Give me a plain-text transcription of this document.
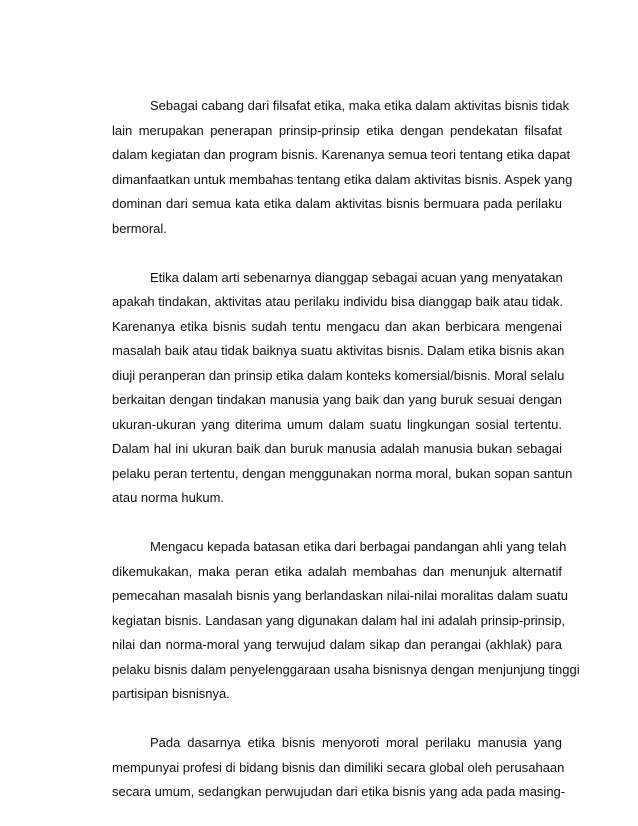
Sebagai cabang dari filsafat etika, maka etika dalam aktivitas bisnis tidak
lain merupakan penerapan prinsip-prinsip etika dengan pendekatan filsafat
dalam kegiatan dan program bisnis. Karenanya semua teori tentang etika dapat
dimanfaatkan untuk membahas tentang etika dalam aktivitas bisnis. Aspek yang
dominan dari semua kata etika dalam aktivitas bisnis bermuara pada perilaku
bermoral.

Etika dalam arti sebenarnya dianggap sebagai acuan yang menyatakan
apakah tindakan, aktivitas atau perilaku individu bisa dianggap baik atau tidak.
Karenanya etika bisnis sudah tentu mengacu dan akan berbicara mengenai
masalah baik atau tidak baiknya suatu aktivitas bisnis. Dalam etika bisnis akan
diuji peranperan dan prinsip etika dalam konteks komersial/bisnis. Moral selalu
berkaitan dengan tindakan manusia yang baik dan yang buruk sesuai dengan
ukuran-ukuran yang diterima umum dalam suatu lingkungan sosial tertentu.
Dalam hal ini ukuran baik dan buruk manusia adalah manusia bukan sebagai
pelaku peran tertentu, dengan menggunakan norma moral, bukan sopan santun
atau norma hukum.

Mengacu kepada batasan etika dari berbagai pandangan ahli yang telah
dikemukakan, maka peran etika adalah membahas dan menunjuk alternatif
pemecahan masalah bisnis yang berlandaskan nilai-nilai moralitas dalam suatu
kegiatan bisnis. Landasan yang digunakan dalam hal ini adalah prinsip-prinsip,
nilai dan norma-moral yang terwujud dalam sikap dan perangai (akhlak) para
pelaku bisnis dalam penyelenggaraan usaha bisnisnya dengan menjunjung tinggi
partisipan bisnisnya.

Pada dasarnya etika bisnis menyoroti moral perilaku manusia yang
mempunyai profesi di bidang bisnis dan dimiliki secara global oleh perusahaan
secara umum, sedangkan perwujudan dari etika bisnis yang ada pada masing-
